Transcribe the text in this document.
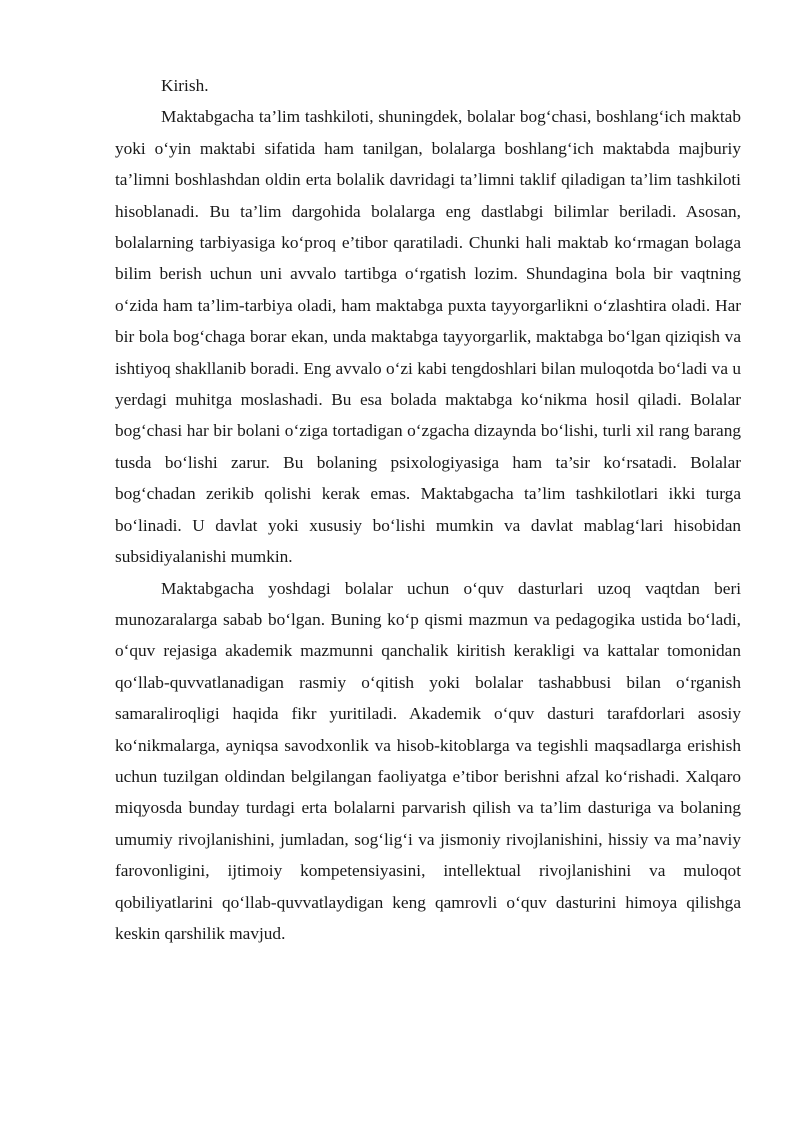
Kirish.

Maktabgacha ta’lim tashkiloti, shuningdek, bolalar bog‘chasi, boshlang‘ich maktab yoki o‘yin maktabi sifatida ham tanilgan, bolalarga boshlang‘ich maktabda majburiy ta’limni boshlashdan oldin erta bolalik davridagi ta’limni taklif qiladigan ta’lim tashkiloti hisoblanadi. Bu ta’lim dargohida bolalarga eng dastlabgi bilimlar beriladi. Asosan, bolalarning tarbiyasiga ko‘proq e’tibor qaratiladi. Chunki hali maktab ko‘rmagan bolaga bilim berish uchun uni avvalo tartibga o‘rgatish lozim. Shundagina bola bir vaqtning o‘zida ham ta’lim-tarbiya oladi, ham maktabga puxta tayyorgarlikni o‘zlashtira oladi. Har bir bola bog‘chaga borar ekan, unda maktabga tayyorgarlik, maktabga bo‘lgan qiziqish va ishtiyoq shakllanib boradi. Eng avvalo o‘zi kabi tengdoshlari bilan muloqotda bo‘ladi va u yerdagi muhitga moslashadi. Bu esa bolada maktabga ko‘nikma hosil qiladi. Bolalar bog‘chasi har bir bolani o‘ziga tortadigan o‘zgacha dizaynda bo‘lishi, turli xil rang barang tusda bo‘lishi zarur. Bu bolaning psixologiyasiga ham ta’sir ko‘rsatadi. Bolalar bog‘chadan zerikib qolishi kerak emas. Maktabgacha ta’lim tashkilotlari ikki turga bo‘linadi. U davlat yoki xususiy bo‘lishi mumkin va davlat mablag‘lari hisobidan subsidiyalanishi mumkin.

Maktabgacha yoshdagi bolalar uchun o‘quv dasturlari uzoq vaqtdan beri munozaralarga sabab bo‘lgan. Buning ko‘p qismi mazmun va pedagogika ustida bo‘ladi, o‘quv rejasiga akademik mazmunni qanchalik kiritish kerakligi va kattalar tomonidan qo‘llab-quvvatlanadigan rasmiy o‘qitish yoki bolalar tashabbusi bilan o‘rganish samaraliroqligi haqida fikr yuritiladi. Akademik o‘quv dasturi tarafdorlari asosiy ko‘nikmalarga, ayniqsa savodxonlik va hisob-kitoblarga va tegishli maqsadlarga erishish uchun tuzilgan oldindan belgilangan faoliyatga e’tibor berishni afzal ko‘rishadi. Xalqaro miqyosda bunday turdagi erta bolalarni parvarish qilish va ta’lim dasturiga va bolaning umumiy rivojlanishini, jumladan, sog‘lig‘i va jismoniy rivojlanishini, hissiy va ma’naviy farovonligini, ijtimoiy kompetensiyasini, intellektual rivojlanishini va muloqot qobiliyatlarini qo‘llab-quvvatlaydigan keng qamrovli o‘quv dasturini himoya qilishga keskin qarshilik mavjud.
